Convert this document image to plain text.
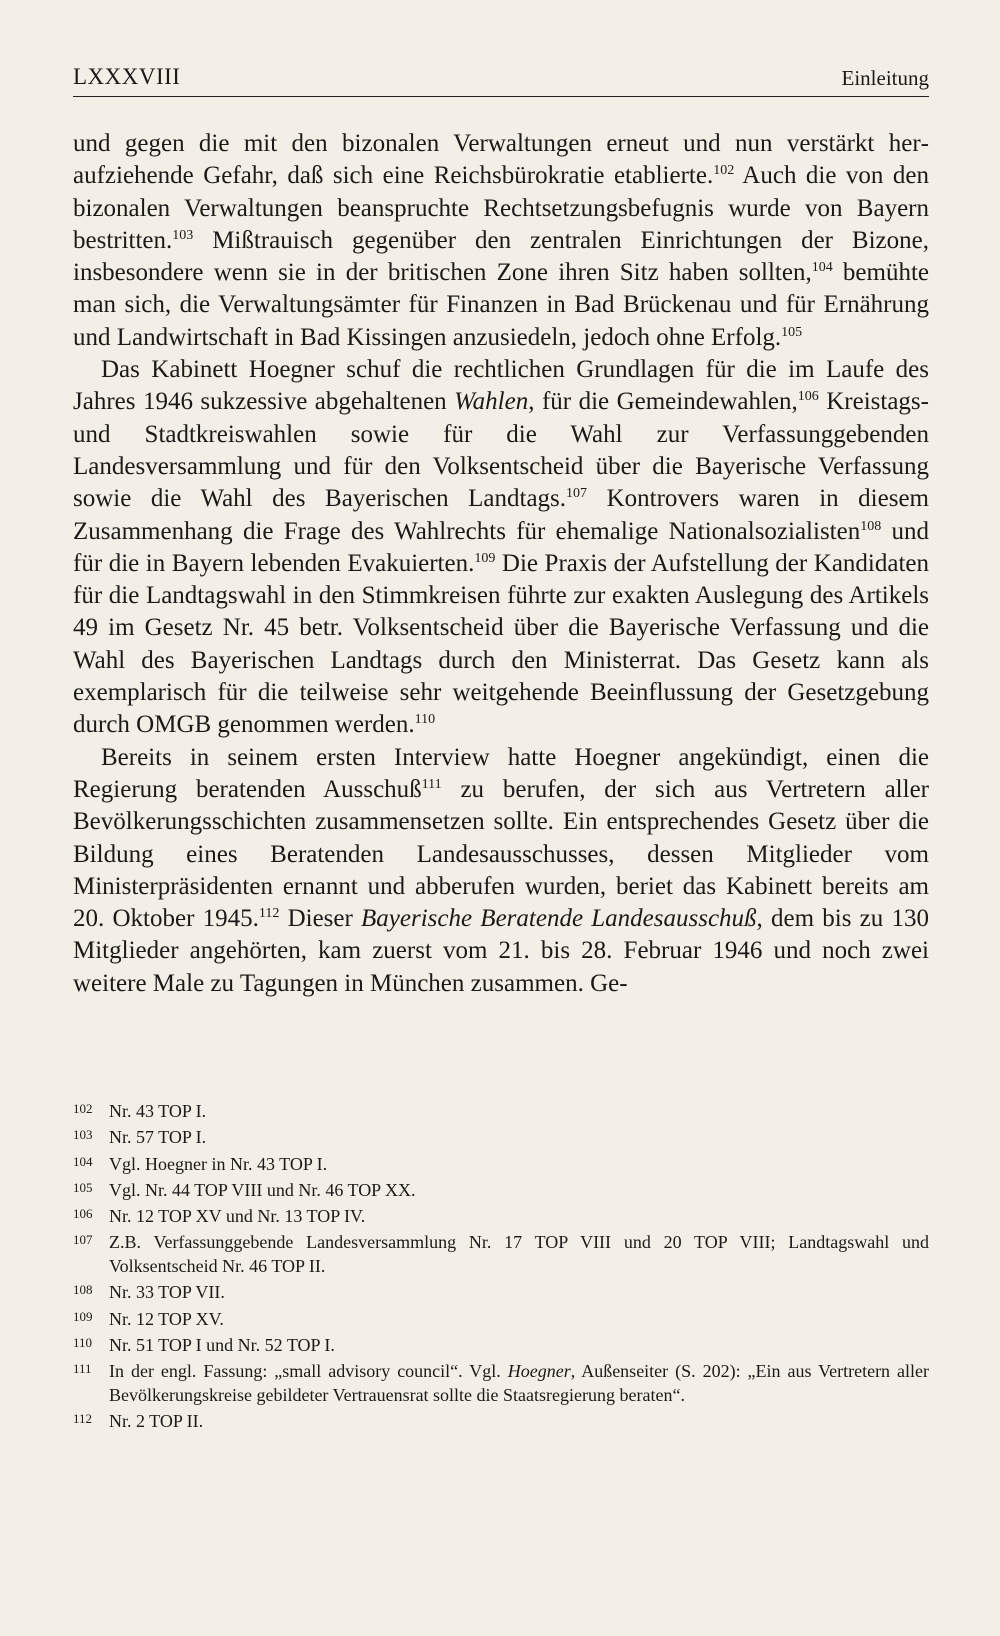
LXXXVIII	Einleitung

und gegen die mit den bizonalen Verwaltungen erneut und nun verstärkt heraufziehende Gefahr, daß sich eine Reichsbürokratie etablierte.$^{102}$ Auch die von den bizonalen Verwaltungen beanspruchte Rechtsetzungsbefugnis wurde von Bayern bestritten.$^{103}$ Mißtrauisch gegenüber den zentralen Einrichtungen der Bizone, insbesondere wenn sie in der britischen Zone ihren Sitz haben sollten,$^{104}$ bemühte man sich, die Verwaltungsämter für Finanzen in Bad Brückenau und für Ernährung und Landwirtschaft in Bad Kissingen anzusiedeln, jedoch ohne Erfolg.$^{105}$

Das Kabinett Hoegner schuf die rechtlichen Grundlagen für die im Laufe des Jahres 1946 sukzessive abgehaltenen Wahlen, für die Gemeindewahlen,$^{106}$ Kreistags- und Stadtkreiswahlen sowie für die Wahl zur Verfassunggebenden Landesversammlung und für den Volksentscheid über die Bayerische Verfassung sowie die Wahl des Bayerischen Landtags.$^{107}$ Kontrovers waren in diesem Zusammenhang die Frage des Wahlrechts für ehemalige Nationalsozialisten$^{108}$ und für die in Bayern lebenden Evakuierten.$^{109}$ Die Praxis der Aufstellung der Kandidaten für die Landtagswahl in den Stimmkreisen führte zur exakten Auslegung des Artikels 49 im Gesetz Nr. 45 betr. Volksentscheid über die Bayerische Verfassung und die Wahl des Bayerischen Landtags durch den Ministerrat. Das Gesetz kann als exemplarisch für die teilweise sehr weitgehende Beeinflussung der Gesetzgebung durch OMGB genommen werden.$^{110}$

Bereits in seinem ersten Interview hatte Hoegner angekündigt, einen die Regierung beratenden Ausschuß$^{111}$ zu berufen, der sich aus Vertretern aller Bevölkerungsschichten zusammensetzen sollte. Ein entsprechendes Gesetz über die Bildung eines Beratenden Landesausschusses, dessen Mitglieder vom Ministerpräsidenten ernannt und abberufen wurden, beriet das Kabinett bereits am 20. Oktober 1945.$^{112}$ Dieser Bayerische Beratende Landesausschuß, dem bis zu 130 Mitglieder angehörten, kam zuerst vom 21. bis 28. Februar 1946 und noch zwei weitere Male zu Tagungen in München zusammen. Ge-

102 Nr. 43 TOP I.
103 Nr. 57 TOP I.
104 Vgl. Hoegner in Nr. 43 TOP I.
105 Vgl. Nr. 44 TOP VIII und Nr. 46 TOP XX.
106 Nr. 12 TOP XV und Nr. 13 TOP IV.
107 Z.B. Verfassunggebende Landesversammlung Nr. 17 TOP VIII und 20 TOP VIII; Landtagswahl und Volksentscheid Nr. 46 TOP II.
108 Nr. 33 TOP VII.
109 Nr. 12 TOP XV.
110 Nr. 51 TOP I und Nr. 52 TOP I.
111 In der engl. Fassung: „small advisory council“. Vgl. Hoegner, Außenseiter (S. 202): „Ein aus Vertretern aller Bevölkerungskreise gebildeter Vertrauensrat sollte die Staatsregierung beraten“.
112 Nr. 2 TOP II.
